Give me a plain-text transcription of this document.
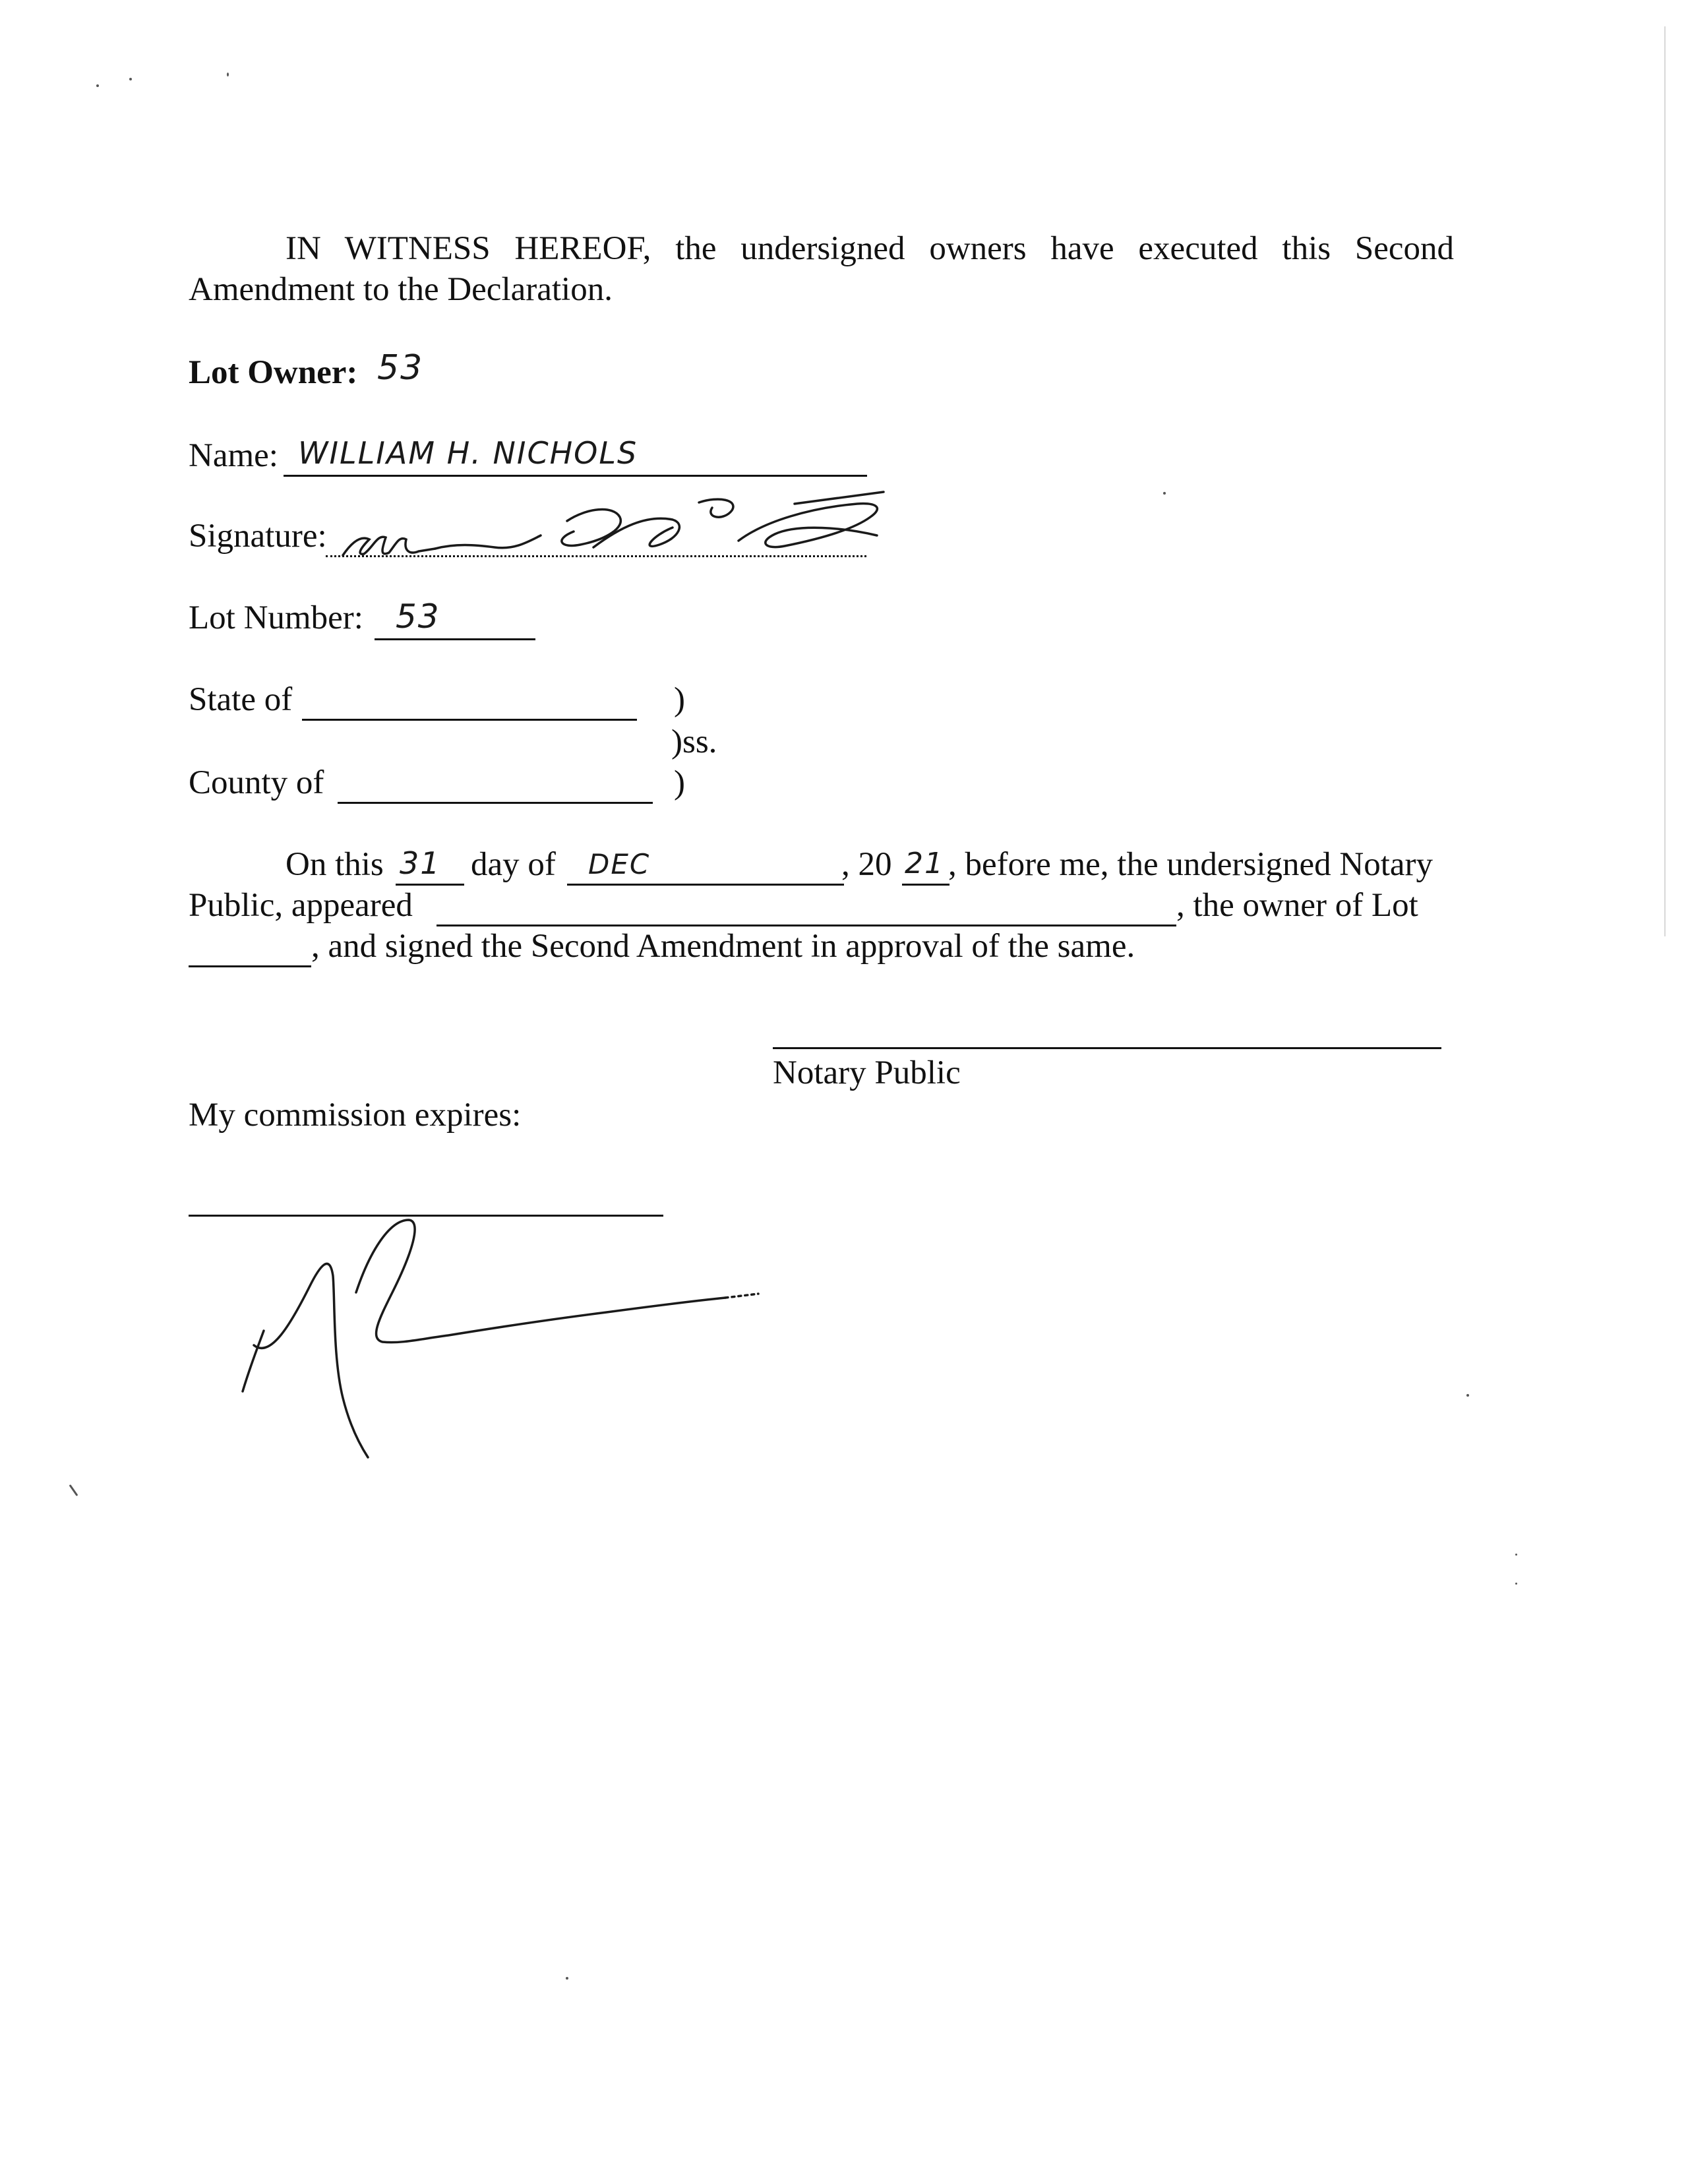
IN WITNESS HEREOF, the undersigned owners have executed this Second
Amendment to the Declaration.
Lot Owner: 53
Name: WILLIAM H. NICHOLS
Signature:
Lot Number: 53
State of	)
)ss.
County of	)
On this 31 day of DEC	, 20 21 , before me, the undersigned Notary
Public, appeared	, the owner of Lot
, and signed the Second Amendment in approval of the same.
Notary Public
My commission expires:
